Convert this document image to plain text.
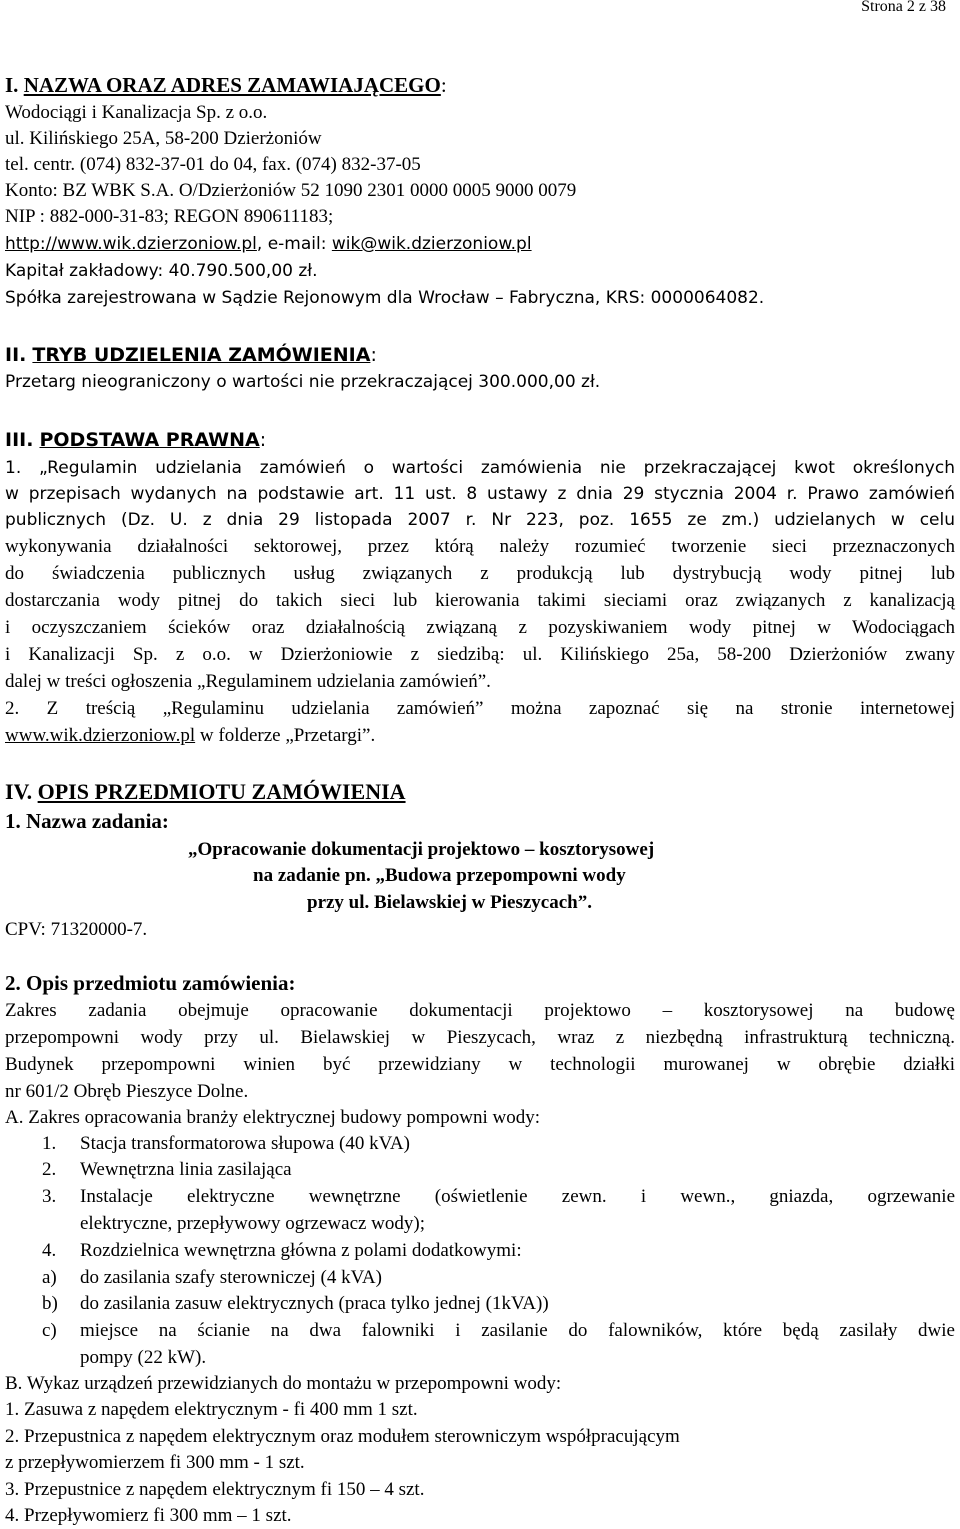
Strona 2 z 38
I. NAZWA ORAZ ADRES ZAMAWIAJĄCEGO:
Wodociągi i Kanalizacja Sp. z o.o.
ul. Kilińskiego 25A, 58-200 Dzierżoniów
tel. centr. (074) 832-37-01 do 04, fax. (074) 832-37-05
Konto: BZ WBK S.A. O/Dzierżoniów 52 1090 2301 0000 0005 9000 0079
NIP : 882-000-31-83; REGON 890611183;
http://www.wik.dzierzoniow.pl, e-mail: wik@wik.dzierzoniow.pl
Kapitał zakładowy: 40.790.500,00 zł.
Spółka zarejestrowana w Sądzie Rejonowym dla Wrocław – Fabryczna, KRS: 0000064082.
II. TRYB UDZIELENIA ZAMÓWIENIA:
Przetarg nieograniczony o wartości nie przekraczającej 300.000,00 zł.
III. PODSTAWA PRAWNA:
1. „Regulamin udzielania zamówień o wartości zamówienia nie przekraczającej kwot określonych
w przepisach wydanych na podstawie art. 11 ust. 8 ustawy z dnia 29 stycznia 2004 r. Prawo zamówień
publicznych (Dz. U. z dnia 29 listopada 2007 r. Nr 223, poz. 1655 ze zm.) udzielanych w celu
wykonywania działalności sektorowej, przez którą należy rozumieć tworzenie sieci przeznaczonych
do świadczenia publicznych usług związanych z produkcją lub dystrybucją wody pitnej lub
dostarczania wody pitnej do takich sieci lub kierowania takimi sieciami oraz związanych z kanalizacją
i oczyszczaniem ścieków oraz działalnością związaną z pozyskiwaniem wody pitnej w Wodociągach
i Kanalizacji Sp. z o.o. w Dzierżoniowie z siedzibą: ul. Kilińskiego 25a, 58-200 Dzierżoniów zwany
dalej w treści ogłoszenia „Regulaminem udzielania zamówień”.
2. Z treścią „Regulaminu udzielania zamówień” można zapoznać się na stronie internetowej
www.wik.dzierzoniow.pl w folderze „Przetargi”.
IV. OPIS PRZEDMIOTU ZAMÓWIENIA
1. Nazwa zadania:
„Opracowanie dokumentacji projektowo – kosztorysowej
na zadanie pn. „Budowa przepompowni wody
przy ul. Bielawskiej w Pieszycach”.
CPV: 71320000-7.
2. Opis przedmiotu zamówienia:
Zakres zadania obejmuje opracowanie dokumentacji projektowo – kosztorysowej na budowę
przepompowni wody przy ul. Bielawskiej w Pieszycach, wraz z niezbędną infrastrukturą techniczną.
Budynek przepompowni winien być przewidziany w technologii murowanej w obrębie działki
nr 601/2 Obręb Pieszyce Dolne.
A. Zakres opracowania branży elektrycznej budowy pompowni wody:
1.	Stacja transformatorowa słupowa (40 kVA)
2.	Wewnętrzna linia zasilająca
3.	Instalacje elektryczne wewnętrzne (oświetlenie zewn. i wewn., gniazda, ogrzewanie
elektryczne, przepływowy ogrzewacz wody);
4.	Rozdzielnica wewnętrzna główna z polami dodatkowymi:
a)	do zasilania szafy sterowniczej (4 kVA)
b)	do zasilania zasuw elektrycznych (praca tylko jednej (1kVA))
c)	miejsce na ścianie na dwa falowniki i zasilanie do falowników, które będą zasilały dwie
pompy (22 kW).
B. Wykaz urządzeń przewidzianych do montażu w przepompowni wody:
1. Zasuwa z napędem elektrycznym - fi 400 mm 1 szt.
2. Przepustnica z napędem elektrycznym oraz modułem sterowniczym współpracującym
z przepływomierzem fi 300 mm - 1 szt.
3. Przepustnice z napędem elektrycznym fi 150 – 4 szt.
4. Przepływomierz fi 300 mm – 1 szt.
